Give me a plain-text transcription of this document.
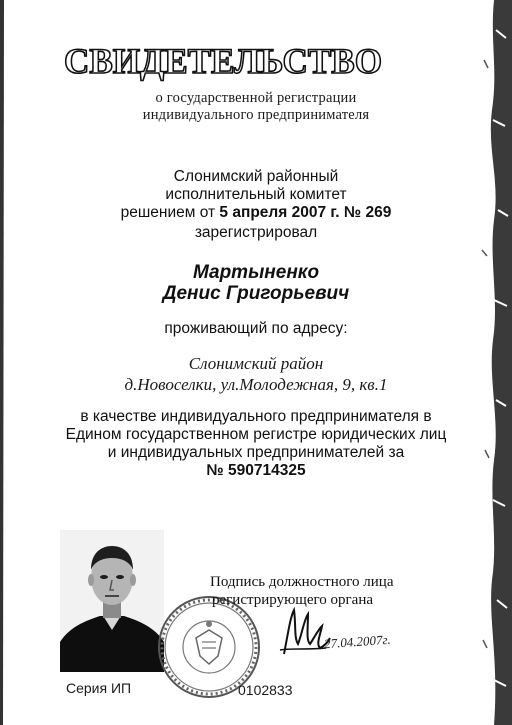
СВИДЕТЕЛЬСТВО
о государственной регистрации
индивидуального предпринимателя
Слонимский районный
исполнительный комитет
решением от 5 апреля 2007 г. № 269
зарегистрировал
Мартыненко
Денис Григорьевич
проживающий по адресу:
Слонимский район
д.Новоселки, ул.Молодежная, 9, кв.1
в качестве индивидуального предпринимателя в
Едином государственном регистре юридических лиц
и индивидуальных предпринимателей за
№ 590714325
Подпись должностного лица
регистрирующего органа
27.04.2007г.
Серия ИП	0102833
